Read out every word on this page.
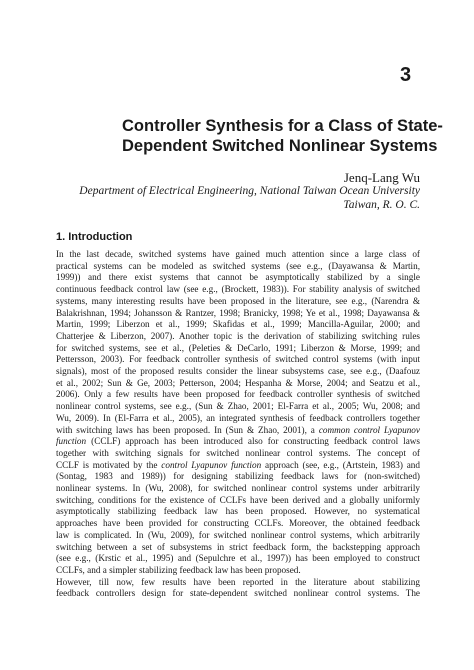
3
Controller Synthesis for a Class of State-
Dependent Switched Nonlinear Systems
Jenq-Lang Wu
Department of Electrical Engineering, National Taiwan Ocean University
Taiwan, R. O. C.
1. Introduction
In the last decade, switched systems have gained much attention since a large class of
practical systems can be modeled as switched systems (see e.g., (Dayawansa & Martin,
1999)) and there exist systems that cannot be asymptotically stabilized by a single
continuous feedback control law (see e.g., (Brockett, 1983)). For stability analysis of switched
systems, many interesting results have been proposed in the literature, see e.g., (Narendra &
Balakrishnan, 1994; Johansson & Rantzer, 1998; Branicky, 1998; Ye et al., 1998; Dayawansa &
Martin, 1999; Liberzon et al., 1999; Skafidas et al., 1999; Mancilla-Aguilar, 2000; and
Chatterjee & Liberzon, 2007). Another topic is the derivation of stabilizing switching rules
for switched systems, see et al., (Peleties & DeCarlo, 1991; Liberzon & Morse, 1999; and
Pettersson, 2003). For feedback controller synthesis of switched control systems (with input
signals), most of the proposed results consider the linear subsystems case, see e.g., (Daafouz
et al., 2002; Sun & Ge, 2003; Petterson, 2004; Hespanha & Morse, 2004; and Seatzu et al.,
2006). Only a few results have been proposed for feedback controller synthesis of switched
nonlinear control systems, see e.g., (Sun & Zhao, 2001; El-Farra et al., 2005; Wu, 2008; and
Wu, 2009). In (El-Farra et al., 2005), an integrated synthesis of feedback controllers together
with switching laws has been proposed. In (Sun & Zhao, 2001), a common control Lyapunov
function (CCLF) approach has been introduced also for constructing feedback control laws
together with switching signals for switched nonlinear control systems. The concept of
CCLF is motivated by the control Lyapunov function approach (see, e.g., (Artstein, 1983) and
(Sontag, 1983 and 1989)) for designing stabilizing feedback laws for (non-switched)
nonlinear systems. In (Wu, 2008), for switched nonlinear control systems under arbitrarily
switching, conditions for the existence of CCLFs have been derived and a globally uniformly
asymptotically stabilizing feedback law has been proposed. However, no systematical
approaches have been provided for constructing CCLFs. Moreover, the obtained feedback
law is complicated. In (Wu, 2009), for switched nonlinear control systems, which arbitrarily
switching between a set of subsystems in strict feedback form, the backstepping approach
(see e.g., (Krstic et al., 1995) and (Sepulchre et al., 1997)) has been employed to construct
CCLFs, and a simpler stabilizing feedback law has been proposed.
However, till now, few results have been reported in the literature about stabilizing
feedback controllers design for state-dependent switched nonlinear control systems. The
